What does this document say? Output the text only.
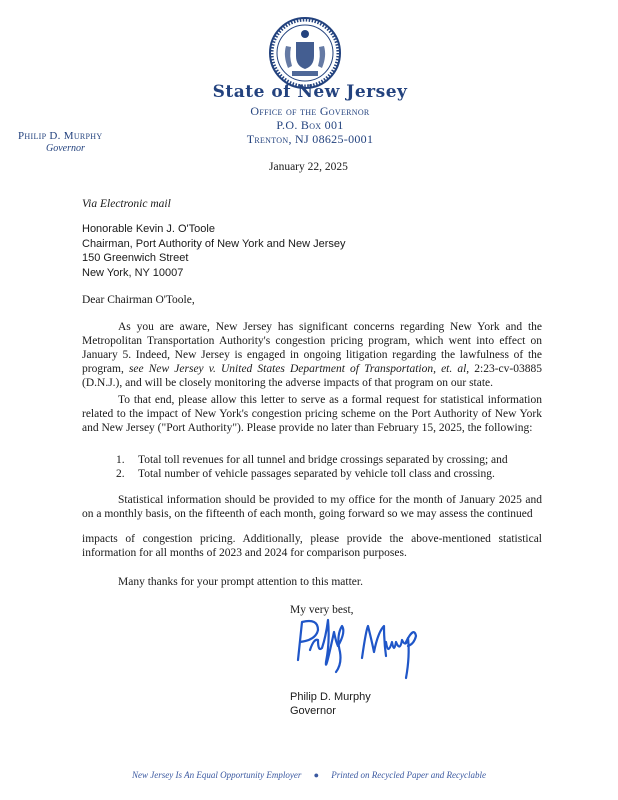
State of New Jersey
Office of the Governor
P.O. Box 001
Trenton, NJ 08625-0001
Philip D. Murphy
Governor
January 22, 2025
Via Electronic mail
Honorable Kevin J. O'Toole
Chairman, Port Authority of New York and New Jersey
150 Greenwich Street
New York, NY 10007
Dear Chairman O'Toole,
As you are aware, New Jersey has significant concerns regarding New York and the Metropolitan Transportation Authority's congestion pricing program, which went into effect on January 5. Indeed, New Jersey is engaged in ongoing litigation regarding the lawfulness of the program, see New Jersey v. United States Department of Transportation, et. al, 2:23-cv-03885 (D.N.J.), and will be closely monitoring the adverse impacts of that program on our state.
To that end, please allow this letter to serve as a formal request for statistical information related to the impact of New York's congestion pricing scheme on the Port Authority of New York and New Jersey ("Port Authority"). Please provide no later than February 15, 2025, the following:
1.	Total toll revenues for all tunnel and bridge crossings separated by crossing; and
2.	Total number of vehicle passages separated by vehicle toll class and crossing.
Statistical information should be provided to my office for the month of January 2025 and on a monthly basis, on the fifteenth of each month, going forward so we may assess the continued
impacts of congestion pricing. Additionally, please provide the above-mentioned statistical information for all months of 2023 and 2024 for comparison purposes.
Many thanks for your prompt attention to this matter.
My very best,
Philip D. Murphy
Governor
New Jersey Is An Equal Opportunity Employer ● Printed on Recycled Paper and Recyclable
